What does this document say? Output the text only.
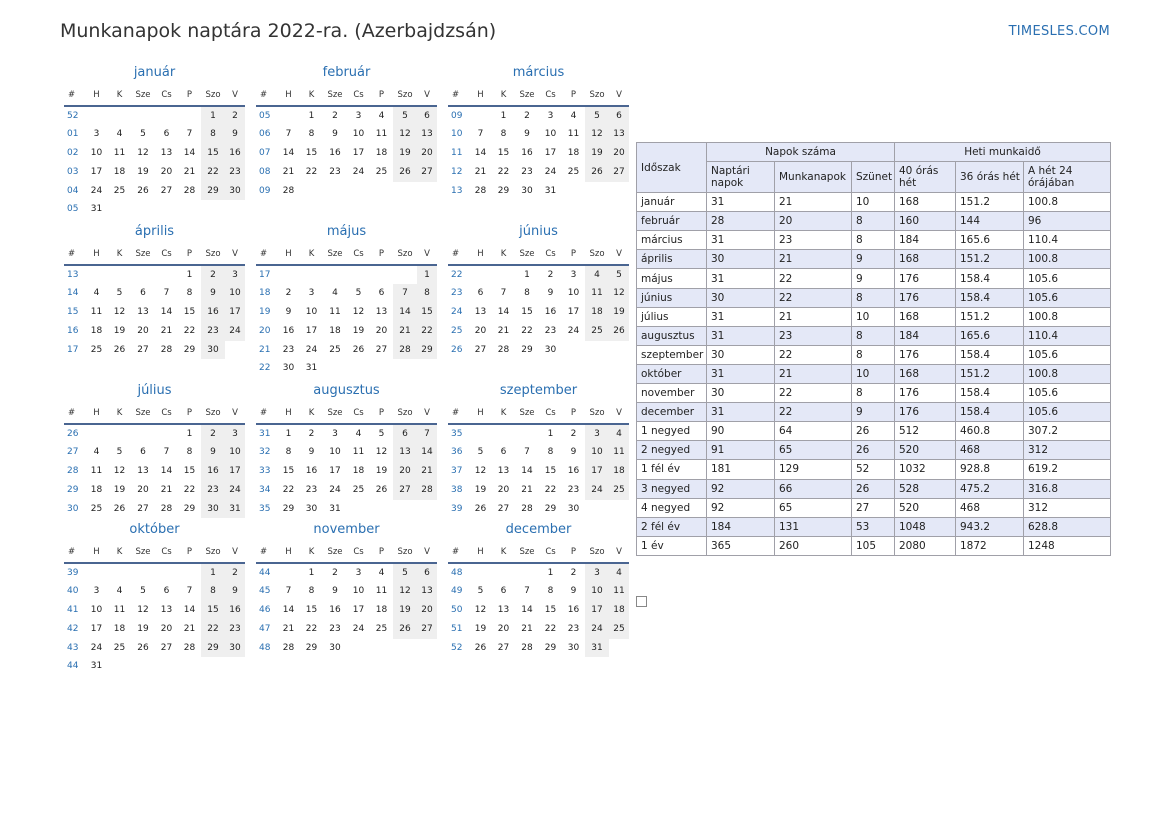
Munkanapok naptára 2022-ra. (Azerbajdzsán)	TIMESLES.COM
január
#	H	K	Sze	Cs	P	Szo	V
52						1	2
01	3	4	5	6	7	8	9
02	10	11	12	13	14	15	16
03	17	18	19	20	21	22	23
04	24	25	26	27	28	29	30
05	31						
február
#	H	K	Sze	Cs	P	Szo	V
05		1	2	3	4	5	6
06	7	8	9	10	11	12	13
07	14	15	16	17	18	19	20
08	21	22	23	24	25	26	27
09	28						
március
#	H	K	Sze	Cs	P	Szo	V
09		1	2	3	4	5	6
10	7	8	9	10	11	12	13
11	14	15	16	17	18	19	20
12	21	22	23	24	25	26	27
13	28	29	30	31			
április
#	H	K	Sze	Cs	P	Szo	V
13					1	2	3
14	4	5	6	7	8	9	10
15	11	12	13	14	15	16	17
16	18	19	20	21	22	23	24
17	25	26	27	28	29	30	
május
#	H	K	Sze	Cs	P	Szo	V
17							1
18	2	3	4	5	6	7	8
19	9	10	11	12	13	14	15
20	16	17	18	19	20	21	22
21	23	24	25	26	27	28	29
22	30	31					
június
#	H	K	Sze	Cs	P	Szo	V
22			1	2	3	4	5
23	6	7	8	9	10	11	12
24	13	14	15	16	17	18	19
25	20	21	22	23	24	25	26
26	27	28	29	30			
július
#	H	K	Sze	Cs	P	Szo	V
26					1	2	3
27	4	5	6	7	8	9	10
28	11	12	13	14	15	16	17
29	18	19	20	21	22	23	24
30	25	26	27	28	29	30	31
augusztus
#	H	K	Sze	Cs	P	Szo	V
31	1	2	3	4	5	6	7
32	8	9	10	11	12	13	14
33	15	16	17	18	19	20	21
34	22	23	24	25	26	27	28
35	29	30	31				
szeptember
#	H	K	Sze	Cs	P	Szo	V
35				1	2	3	4
36	5	6	7	8	9	10	11
37	12	13	14	15	16	17	18
38	19	20	21	22	23	24	25
39	26	27	28	29	30		
október
#	H	K	Sze	Cs	P	Szo	V
39						1	2
40	3	4	5	6	7	8	9
41	10	11	12	13	14	15	16
42	17	18	19	20	21	22	23
43	24	25	26	27	28	29	30
44	31						
november
#	H	K	Sze	Cs	P	Szo	V
44		1	2	3	4	5	6
45	7	8	9	10	11	12	13
46	14	15	16	17	18	19	20
47	21	22	23	24	25	26	27
48	28	29	30				
december
#	H	K	Sze	Cs	P	Szo	V
48				1	2	3	4
49	5	6	7	8	9	10	11
50	12	13	14	15	16	17	18
51	19	20	21	22	23	24	25
52	26	27	28	29	30	31	
Időszak	Napok száma			Heti munkaidő		
	Naptári napok	Munkanapok	Szünet	40 órás hét	36 órás hét	A hét 24 órájában
január	31	21	10	168	151.2	100.8
február	28	20	8	160	144	96
március	31	23	8	184	165.6	110.4
április	30	21	9	168	151.2	100.8
május	31	22	9	176	158.4	105.6
június	30	22	8	176	158.4	105.6
július	31	21	10	168	151.2	100.8
augusztus	31	23	8	184	165.6	110.4
szeptember	30	22	8	176	158.4	105.6
október	31	21	10	168	151.2	100.8
november	30	22	8	176	158.4	105.6
december	31	22	9	176	158.4	105.6
1 negyed	90	64	26	512	460.8	307.2
2 negyed	91	65	26	520	468	312
1 fél év	181	129	52	1032	928.8	619.2
3 negyed	92	66	26	528	475.2	316.8
4 negyed	92	65	27	520	468	312
2 fél év	184	131	53	1048	943.2	628.8
1 év	365	260	105	2080	1872	1248
